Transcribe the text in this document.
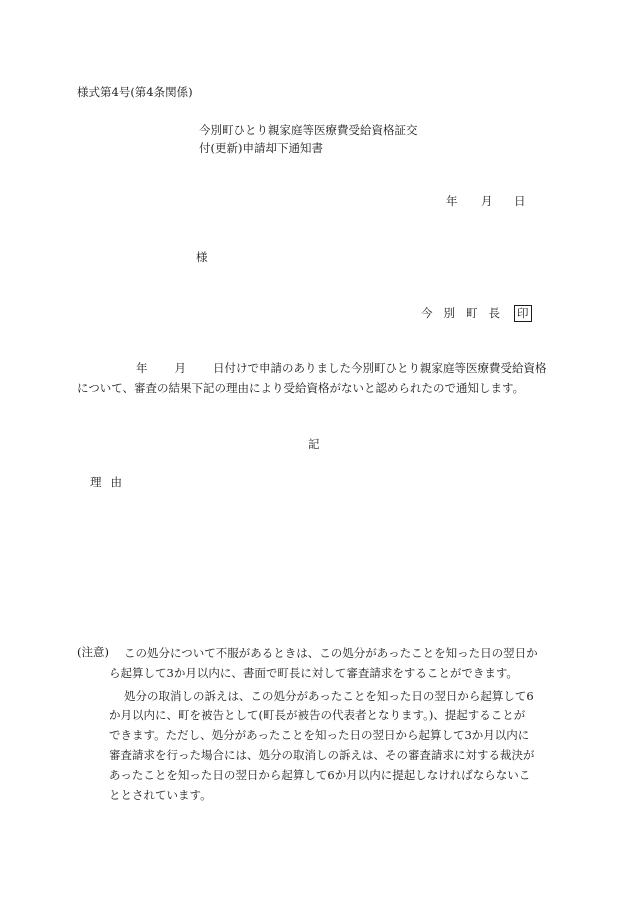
様式第4号(第4条関係)
今別町ひとり親家庭等医療費受給資格証交
付(更新)申請却下通知書
年 月 日
様
今 別 町 長 印
年 月 日付けで申請のありました今別町ひとり親家庭等医療費受給資格
について、審査の結果下記の理由により受給資格がないと認められたので通知します。
記
理 由
(注意) この処分について不服があるときは、この処分があったことを知った日の翌日か
ら起算して3か月以内に、書面で町長に対して審査請求をすることができます。
処分の取消しの訴えは、この処分があったことを知った日の翌日から起算して6
か月以内に、町を被告として(町長が被告の代表者となります。)、提起することが
できます。ただし、処分があったことを知った日の翌日から起算して3か月以内に
審査請求を行った場合には、処分の取消しの訴えは、その審査請求に対する裁決が
あったことを知った日の翌日から起算して6か月以内に提起しなければならないこ
ととされています。
